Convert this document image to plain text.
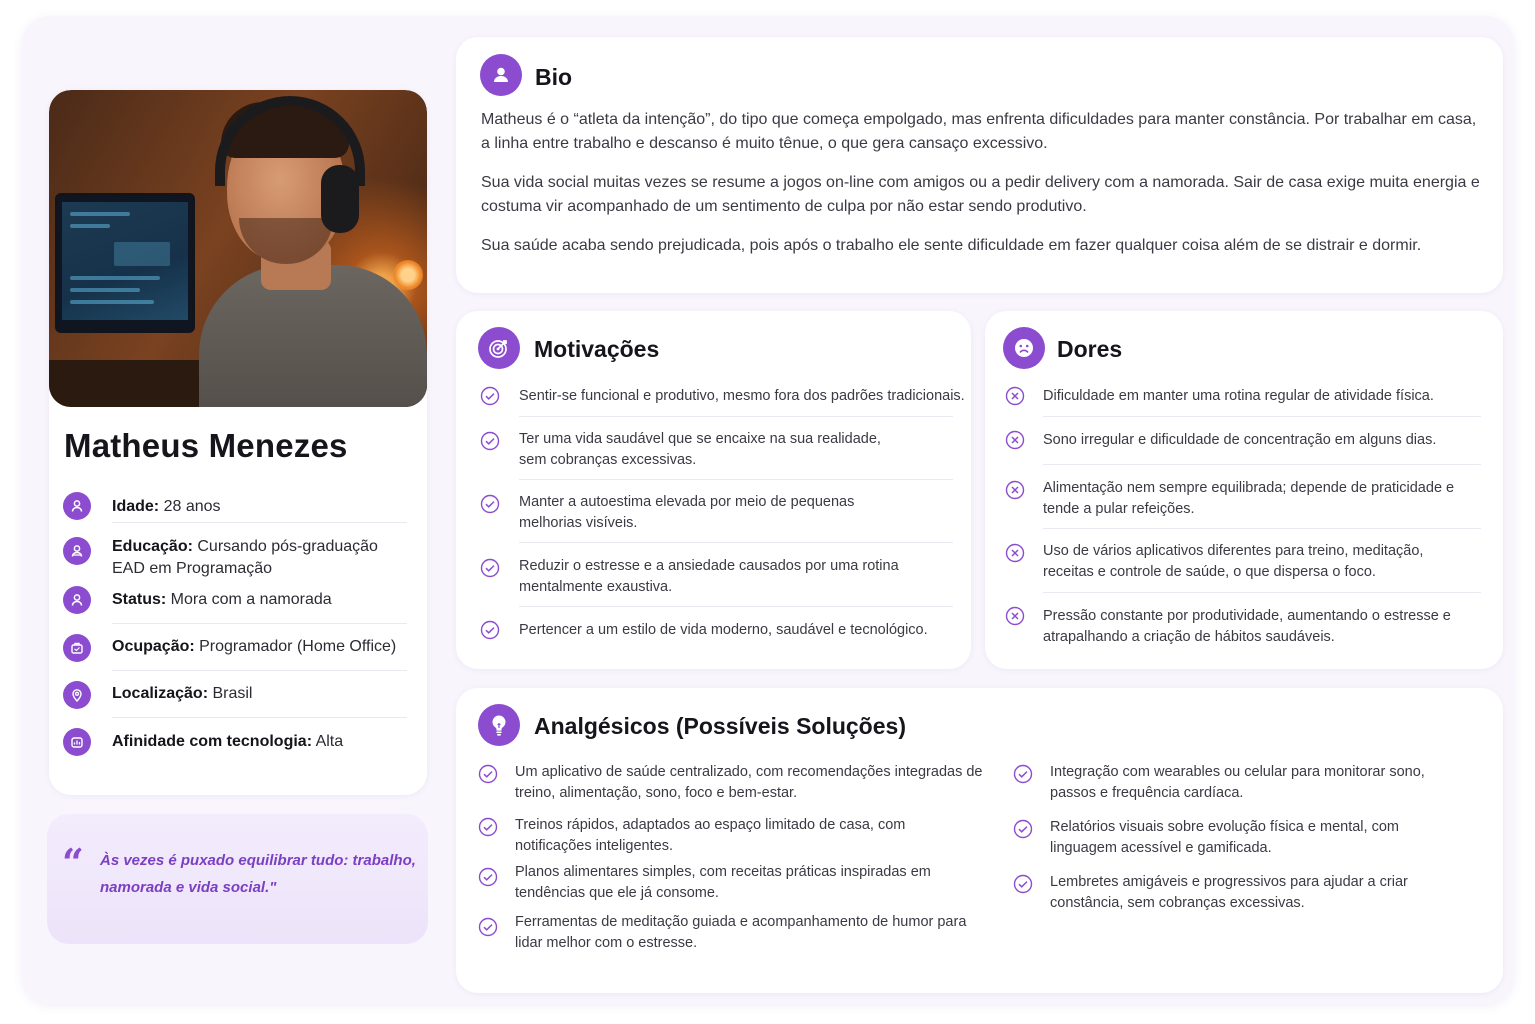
Matheus Menezes
Idade: 28 anos
Educação: Cursando pós-graduação EAD em Programação
Status: Mora com a namorada
Ocupação: Programador (Home Office)
Localização: Brasil
Afinidade com tecnologia: Alta
“ Às vezes é puxado equilibrar tudo: trabalho, namorada e vida social."
Bio

Matheus é o “atleta da intenção”, do tipo que começa empolgado, mas enfrenta dificuldades para manter constância. Por trabalhar em casa, a linha entre trabalho e descanso é muito tênue, o que gera cansaço excessivo.

Sua vida social muitas vezes se resume a jogos on-line com amigos ou a pedir delivery com a namorada. Sair de casa exige muita energia e costuma vir acompanhado de um sentimento de culpa por não estar sendo produtivo.

Sua saúde acaba sendo prejudicada, pois após o trabalho ele sente dificuldade em fazer qualquer coisa além de se distrair e dormir.

Motivações
Sentir-se funcional e produtivo, mesmo fora dos padrões tradicionais.
Ter uma vida saudável que se encaixe na sua realidade, sem cobranças excessivas.
Manter a autoestima elevada por meio de pequenas melhorias visíveis.
Reduzir o estresse e a ansiedade causados por uma rotina mentalmente exaustiva.
Pertencer a um estilo de vida moderno, saudável e tecnológico.
Dores
Dificuldade em manter uma rotina regular de atividade física.
Sono irregular e dificuldade de concentração em alguns dias.
Alimentação nem sempre equilibrada; depende de praticidade e tende a pular refeições.
Uso de vários aplicativos diferentes para treino, meditação, receitas e controle de saúde, o que dispersa o foco.
Pressão constante por produtividade, aumentando o estresse e atrapalhando a criação de hábitos saudáveis.
Analgésicos (Possíveis Soluções)
Um aplicativo de saúde centralizado, com recomendações integradas de treino, alimentação, sono, foco e bem-estar.
Treinos rápidos, adaptados ao espaço limitado de casa, com notificações inteligentes.
Planos alimentares simples, com receitas práticas inspiradas em tendências que ele já consome.
Ferramentas de meditação guiada e acompanhamento de humor para lidar melhor com o estresse.
Integração com wearables ou celular para monitorar sono, passos e frequência cardíaca.
Relatórios visuais sobre evolução física e mental, com linguagem acessível e gamificada.
Lembretes amigáveis e progressivos para ajudar a criar constância, sem cobranças excessivas.
